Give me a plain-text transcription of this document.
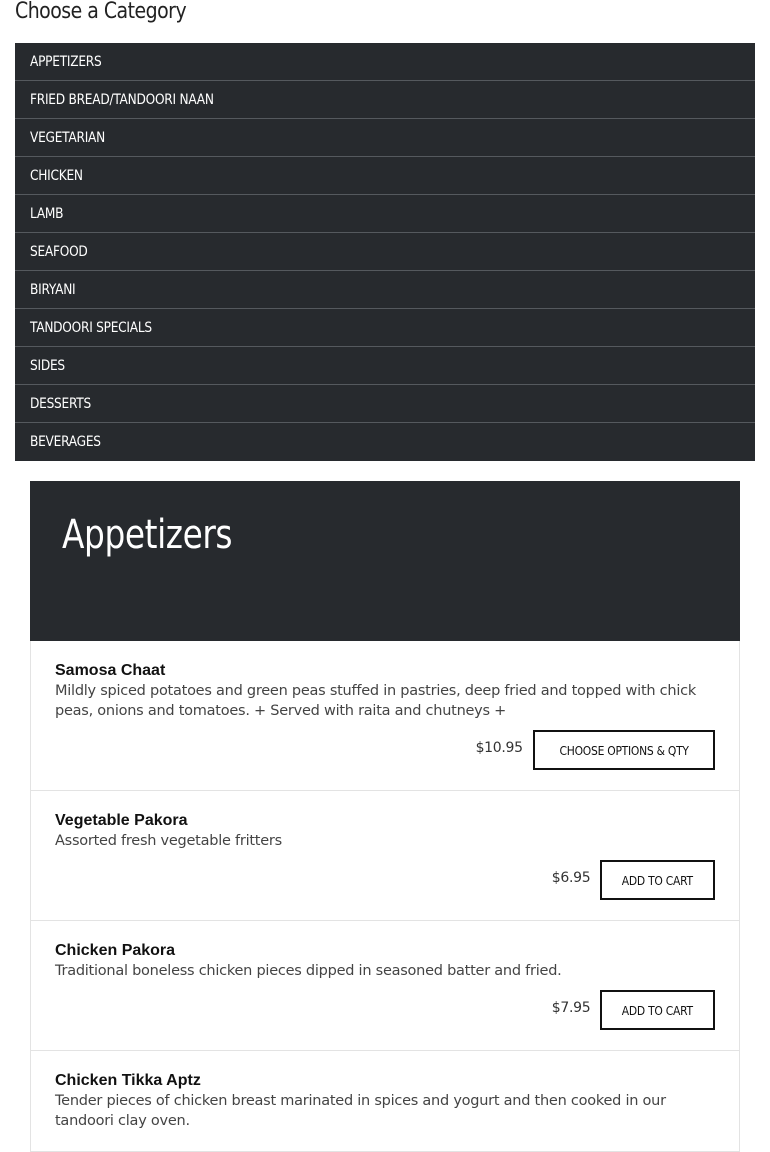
Choose a Category
APPETIZERS
FRIED BREAD/TANDOORI NAAN
VEGETARIAN
CHICKEN
LAMB
SEAFOOD
BIRYANI
TANDOORI SPECIALS
SIDES
DESSERTS
BEVERAGES
Appetizers
Samosa Chaat
Mildly spiced potatoes and green peas stuffed in pastries, deep fried and topped with chick peas, onions and tomatoes. + Served with raita and chutneys +
$10.95	CHOOSE OPTIONS & QTY
Vegetable Pakora
Assorted fresh vegetable fritters
$6.95	ADD TO CART
Chicken Pakora
Traditional boneless chicken pieces dipped in seasoned batter and fried.
$7.95	ADD TO CART
Chicken Tikka Aptz
Tender pieces of chicken breast marinated in spices and yogurt and then cooked in our tandoori clay oven.
